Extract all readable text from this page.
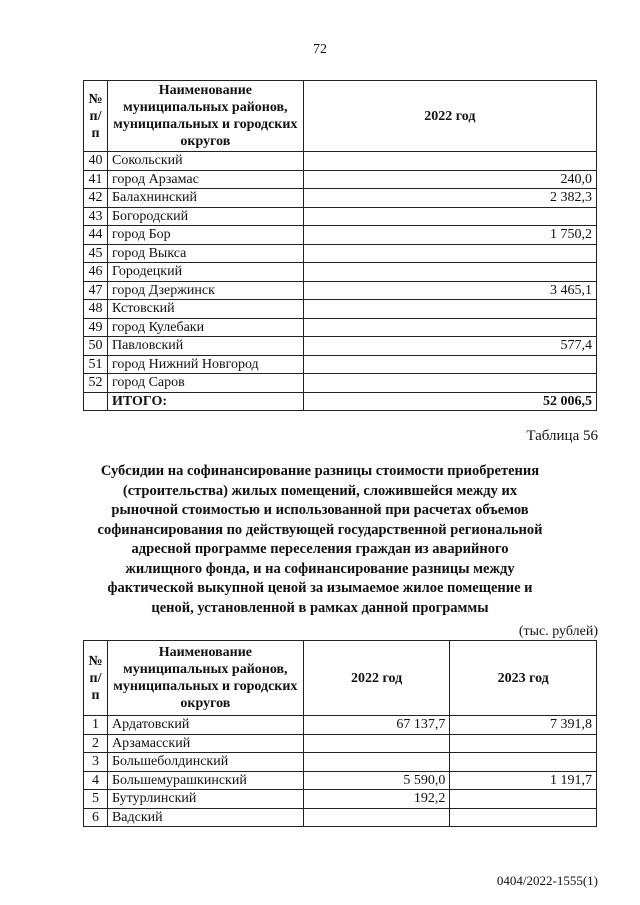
72
№ п/п	Наименование муниципальных районов, муниципальных и городских округов	2022 год
40	Сокольский	
41	город Арзамас	240,0
42	Балахнинский	2 382,3
43	Богородский	
44	город Бор	1 750,2
45	город Выкса	
46	Городецкий	
47	город Дзержинск	3 465,1
48	Кстовский	
49	город Кулебаки	
50	Павловский	577,4
51	город Нижний Новгород	
52	город Саров	
	ИТОГО:	52 006,5
Таблица 56
Субсидии на софинансирование разницы стоимости приобретения (строительства) жилых помещений, сложившейся между их рыночной стоимостью и использованной при расчетах объемов софинансирования по действующей государственной региональной адресной программе переселения граждан из аварийного жилищного фонда, и на софинансирование разницы между фактической выкупной ценой за изымаемое жилое помещение и ценой, установленной в рамках данной программы
(тыс. рублей)
№ п/п	Наименование муниципальных районов, муниципальных и городских округов	2022 год	2023 год
1	Ардатовский	67 137,7	7 391,8
2	Арзамасский		
3	Большеболдинский		
4	Большемурашкинский	5 590,0	1 191,7
5	Бутурлинский	192,2	
6	Вадский		
0404/2022-1555(1)
